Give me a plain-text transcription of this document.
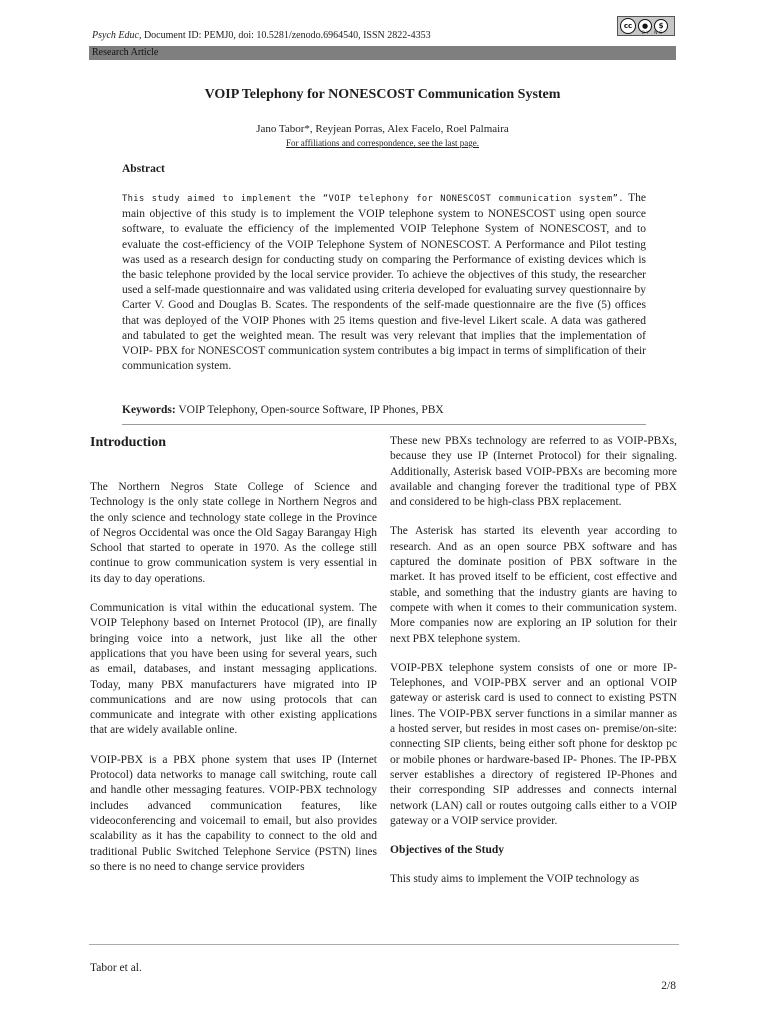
Psych Educ, Document ID: PEMJ0, doi: 10.5281/zenodo.6964540, ISSN 2822-4353
cc	●	$
BY NC
Research Article
VOIP Telephony for NONESCOST Communication System
Jano Tabor*, Reyjean Porras, Alex Facelo, Roel Palmaira
For affiliations and correspondence, see the last page.
Abstract
This study aimed to implement the “VOIP telephony for NONESCOST communication system”. The main objective of this study is to implement the VOIP telephone system to NONESCOST using open source software, to evaluate the efficiency of the implemented VOIP Telephone System of NONESCOST, and to evaluate the cost-efficiency of the VOIP Telephone System of NONESCOST. A Performance and Pilot testing was used as a research design for conducting study on comparing the Performance of existing devices which is the basic telephone provided by the local service provider. To achieve the objectives of this study, the researcher used a self-made questionnaire and was validated using criteria developed for evaluating survey questionnaire by Carter V. Good and Douglas B. Scates. The respondents of the self-made questionnaire are the five (5) offices that was deployed of the VOIP Phones with 25 items question and five-level Likert scale. A data was gathered and tabulated to get the weighted mean. The result was very relevant that implies that the implementation of VOIP- PBX for NONESCOST communication system contributes a big impact in terms of simplification of their communication system.
Keywords: VOIP Telephony, Open-source Software, IP Phones, PBX
Introduction

The Northern Negros State College of Science and Technology is the only state college in Northern Negros and the only science and technology state college in the Province of Negros Occidental was once the Old Sagay Barangay High School that started to operate in 1970. As the college still continue to grow communication system is very essential in its day to day operations.

Communication is vital within the educational system. The VOIP Telephony based on Internet Protocol (IP), are finally bringing voice into a network, just like all the other applications that you have been using for several years, such as email, databases, and instant messaging applications. Today, many PBX manufacturers have migrated into IP communications and are now using protocols that can communicate and integrate with other existing applications that are widely available online.

VOIP-PBX is a PBX phone system that uses IP (Internet Protocol) data networks to manage call switching, route call and handle other messaging features. VOIP-PBX technology includes advanced communication features, like videoconferencing and voicemail to email, but also provides scalability as it has the capability to connect to the old and traditional Public Switched Telephone Service (PSTN) lines so there is no need to change service providers

These new PBXs technology are referred to as VOIP-PBXs, because they use IP (Internet Protocol) for their signaling. Additionally, Asterisk based VOIP-PBXs are becoming more available and changing forever the traditional type of PBX and considered to be high-class PBX replacement.

The Asterisk has started its eleventh year according to research. And as an open source PBX software and has captured the dominate position of PBX software in the market. It has proved itself to be efficient, cost effective and stable, and something that the industry giants are having to compete with when it comes to their communication system. More companies now are exploring an IP solution for their next PBX telephone system.

VOIP-PBX telephone system consists of one or more IP- Telephones, and VOIP-PBX server and an optional VOIP gateway or asterisk card is used to connect to existing PSTN lines. The VOIP-PBX server functions in a similar manner as a hosted server, but resides in most cases on- premise/on-site: connecting SIP clients, being either soft phone for desktop pc or mobile phones or hardware-based IP- Phones. The IP-PBX server establishes a directory of registered IP-Phones and their corresponding SIP addresses and connects internal network (LAN) call or routes outgoing calls either to a VOIP gateway or a VOIP service provider.

Objectives of the Study

This study aims to implement the VOIP technology as

Tabor et al.
2/8
